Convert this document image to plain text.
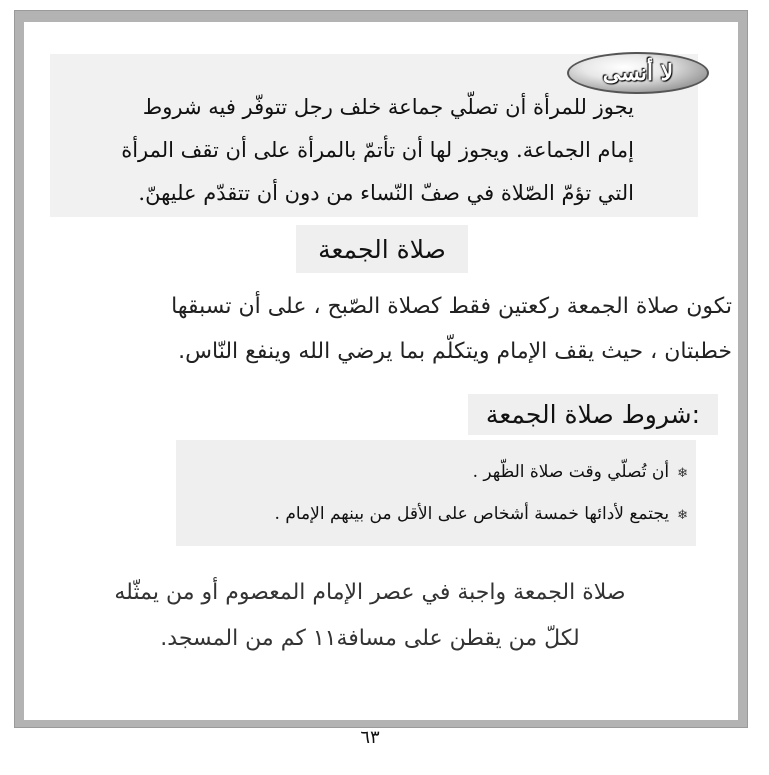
يجوز للمرأة أن تصلّي جماعة خلف رجل تتوفّر فيه شروط
إمام الجماعة. ويجوز لها أن تأتمّ بالمرأة على أن تقف المرأة
التي تؤمّ الصّلاة في صفّ النّساء من دون أن تتقدّم عليهنّ.

لا أنسى
صلاة الجمعة

تكون صلاة الجمعة ركعتين فقط كصلاة الصّبح ، على أن تسبقها
خطبتان ، حيث يقف الإمام ويتكلّم بما يرضي الله وينفع النّاس.

شروط صلاة الجمعة:
❄أن تُصلّي وقت صلاة الظّهر .
❄يجتمع لأدائها خمسة أشخاص على الأقل من بينهم الإمام .

صلاة الجمعة واجبة في عصر الإمام المعصوم أو من يمثّله
لكلّ من يقطن على مسافة١١ كم من المسجد.

٦٣
